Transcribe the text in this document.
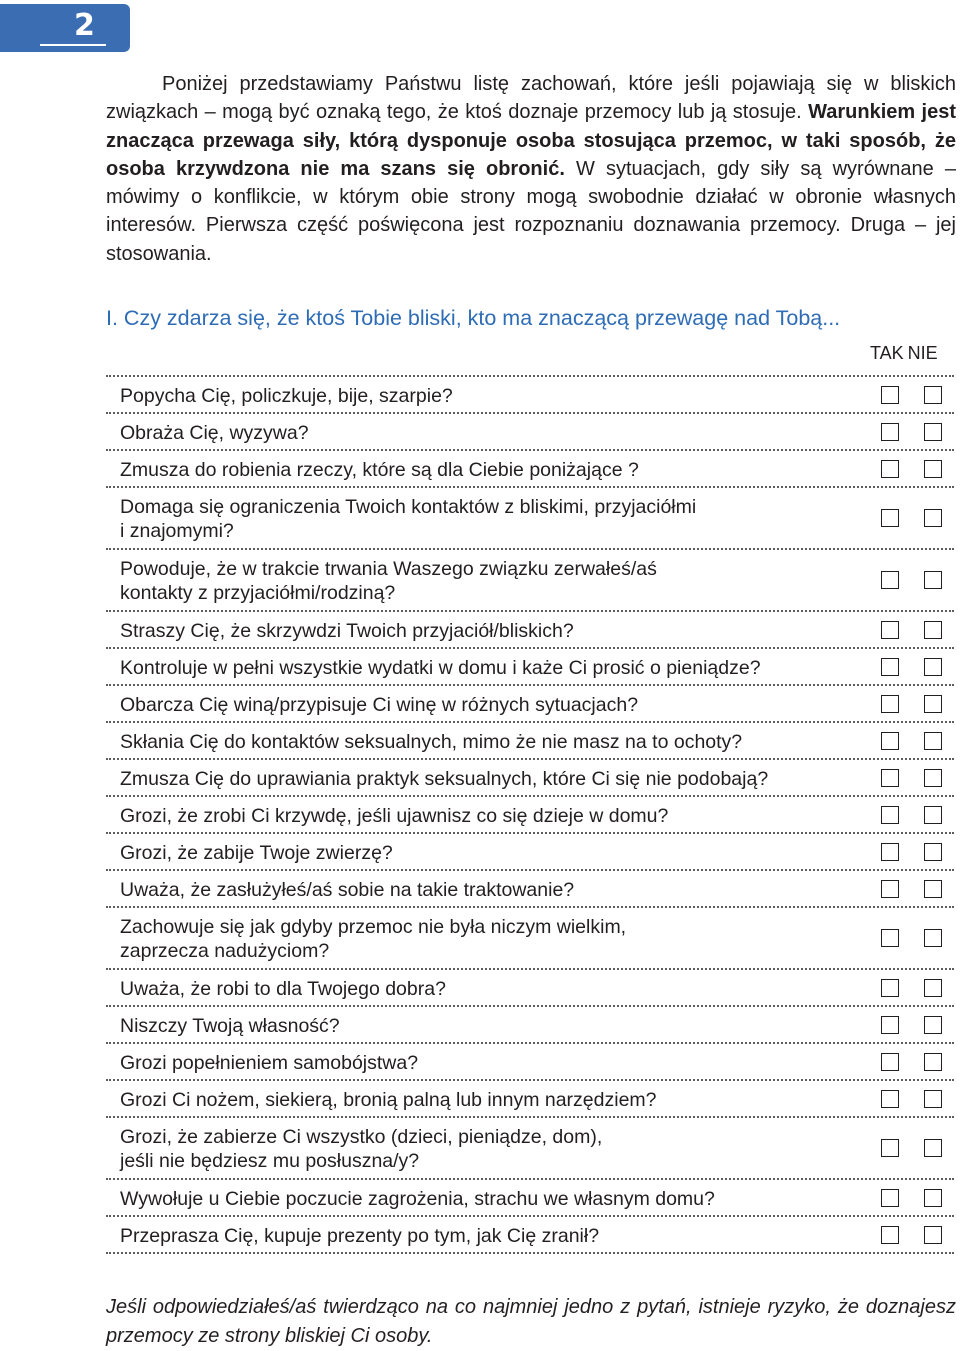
2

Poniżej przedstawiamy Państwu listę zachowań, które jeśli pojawiają się w bliskich związkach – mogą być oznaką tego, że ktoś doznaje przemocy lub ją stosuje. Warunkiem jest znacząca przewaga siły, którą dysponuje osoba stosująca przemoc, w taki sposób, że osoba krzywdzona nie ma szans się obronić. W sytuacjach, gdy siły są wyrównane – mówimy o konflikcie, w którym obie strony mogą swobodnie działać w obronie własnych interesów. Pierwsza część poświęcona jest rozpoznaniu doznawania przemocy. Druga – jej stosowania.

I. Czy zdarza się, że ktoś Tobie bliski, kto ma znaczącą przewagę nad Tobą...
TAK NIE
Popycha Cię, policzkuje, bije, szarpie?
Obraża Cię, wyzywa?
Zmusza do robienia rzeczy, które są dla Ciebie poniżające ?
Domaga się ograniczenia Twoich kontaktów z bliskimi, przyjaciółmi
i znajomymi?
Powoduje, że w trakcie trwania Waszego związku zerwałeś/aś
kontakty z przyjaciółmi/rodziną?
Straszy Cię, że skrzywdzi Twoich przyjaciół/bliskich?
Kontroluje w pełni wszystkie wydatki w domu i każe Ci prosić o pieniądze?
Obarcza Cię winą/przypisuje Ci winę w różnych sytuacjach?
Skłania Cię do kontaktów seksualnych, mimo że nie masz na to ochoty?
Zmusza Cię do uprawiania praktyk seksualnych, które Ci się nie podobają?
Grozi, że zrobi Ci krzywdę, jeśli ujawnisz co się dzieje w domu?
Grozi, że zabije Twoje zwierzę?
Uważa, że zasłużyłeś/aś sobie na takie traktowanie?
Zachowuje się jak gdyby przemoc nie była niczym wielkim,
zaprzecza nadużyciom?
Uważa, że robi to dla Twojego dobra?
Niszczy Twoją własność?
Grozi popełnieniem samobójstwa?
Grozi Ci nożem, siekierą, bronią palną lub innym narzędziem?
Grozi, że zabierze Ci wszystko (dzieci, pieniądze, dom),
jeśli nie będziesz mu posłuszna/y?
Wywołuje u Ciebie poczucie zagrożenia, strachu we własnym domu?
Przeprasza Cię, kupuje prezenty po tym, jak Cię zranił?

Jeśli odpowiedziałeś/aś twierdząco na co najmniej jedno z pytań, istnieje ryzyko, że doznajesz przemocy ze strony bliskiej Ci osoby.
